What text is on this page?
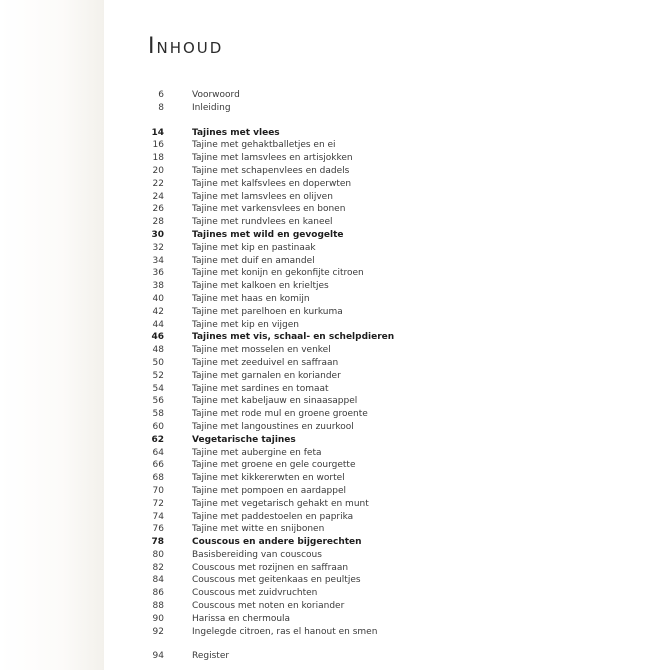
Inhoud
6	Voorwoord
8	Inleiding
14	Tajines met vlees
16	Tajine met gehaktballetjes en ei
18	Tajine met lamsvlees en artisjokken
20	Tajine met schapenvlees en dadels
22	Tajine met kalfsvlees en doperwten
24	Tajine met lamsvlees en olijven
26	Tajine met varkensvlees en bonen
28	Tajine met rundvlees en kaneel
30	Tajines met wild en gevogelte
32	Tajine met kip en pastinaak
34	Tajine met duif en amandel
36	Tajine met konijn en gekonfijte citroen
38	Tajine met kalkoen en krieltjes
40	Tajine met haas en komijn
42	Tajine met parelhoen en kurkuma
44	Tajine met kip en vijgen
46	Tajines met vis, schaal- en schelpdieren
48	Tajine met mosselen en venkel
50	Tajine met zeeduivel en saffraan
52	Tajine met garnalen en koriander
54	Tajine met sardines en tomaat
56	Tajine met kabeljauw en sinaasappel
58	Tajine met rode mul en groene groente
60	Tajine met langoustines en zuurkool
62	Vegetarische tajines
64	Tajine met aubergine en feta
66	Tajine met groene en gele courgette
68	Tajine met kikkererwten en wortel
70	Tajine met pompoen en aardappel
72	Tajine met vegetarisch gehakt en munt
74	Tajine met paddestoelen en paprika
76	Tajine met witte en snijbonen
78	Couscous en andere bijgerechten
80	Basisbereiding van couscous
82	Couscous met rozijnen en saffraan
84	Couscous met geitenkaas en peultjes
86	Couscous met zuidvruchten
88	Couscous met noten en koriander
90	Harissa en chermoula
92	Ingelegde citroen, ras el hanout en smen
94	Register
